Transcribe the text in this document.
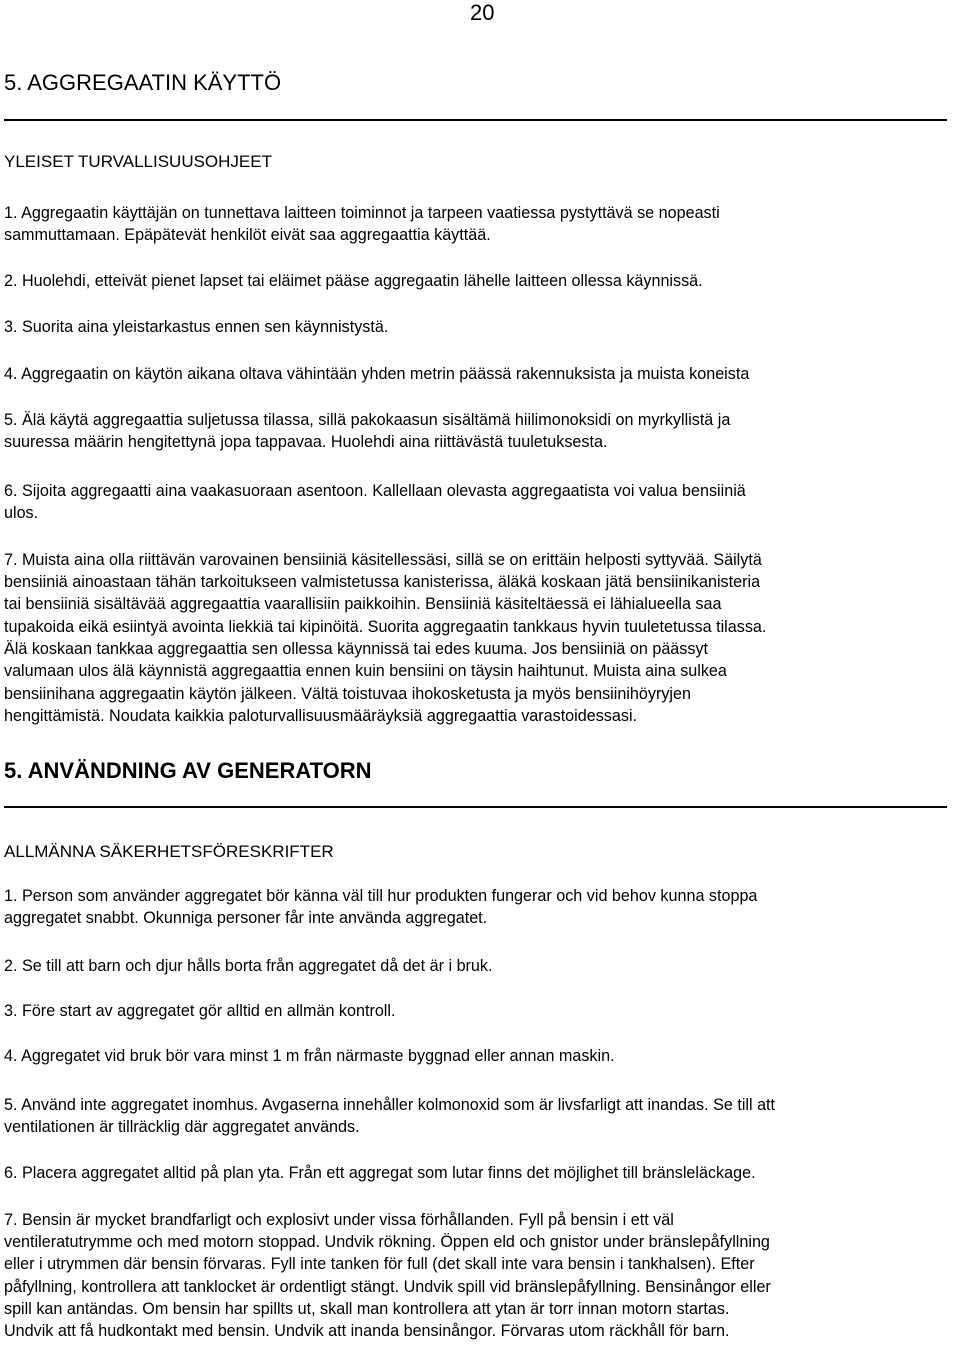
20
5. AGGREGAATIN KÄYTTÖ
YLEISET TURVALLISUUSOHJEET
1. Aggregaatin käyttäjän on tunnettava laitteen toiminnot ja tarpeen vaatiessa pystyttävä se nopeasti
sammuttamaan. Epäpätevät henkilöt eivät saa aggregaattia käyttää.
2. Huolehdi, etteivät pienet lapset tai eläimet pääse aggregaatin lähelle laitteen ollessa käynnissä.
3. Suorita aina yleistarkastus ennen sen käynnistystä.
4. Aggregaatin on käytön aikana oltava vähintään yhden metrin päässä rakennuksista ja muista koneista
5. Älä käytä aggregaattia suljetussa tilassa, sillä pakokaasun sisältämä hiilimonoksidi on myrkyllistä ja
suuressa määrin hengitettynä jopa tappavaa. Huolehdi aina riittävästä tuuletuksesta.
6. Sijoita aggregaatti aina vaakasuoraan asentoon. Kallellaan olevasta aggregaatista voi valua bensiiniä
ulos.
7. Muista aina olla riittävän varovainen bensiiniä käsitellessäsi, sillä se on erittäin helposti syttyvää. Säilytä
bensiiniä ainoastaan tähän tarkoitukseen valmistetussa kanisterissa, äläkä koskaan jätä bensiinikanisteria
tai bensiiniä sisältävää aggregaattia vaarallisiin paikkoihin. Bensiiniä käsiteltäessä ei lähialueella saa
tupakoida eikä esiintyä avointa liekkiä tai kipinöitä. Suorita aggregaatin tankkaus hyvin tuuletetussa tilassa.
Älä koskaan tankkaa aggregaattia sen ollessa käynnissä tai edes kuuma. Jos bensiiniä on päässyt
valumaan ulos älä käynnistä aggregaattia ennen kuin bensiini on täysin haihtunut. Muista aina sulkea
bensiinihana aggregaatin käytön jälkeen. Vältä toistuvaa ihokosketusta ja myös bensiinihöyryjen
hengittämistä. Noudata kaikkia paloturvallisuusmääräyksiä aggregaattia varastoidessasi.
5. ANVÄNDNING AV GENERATORN
ALLMÄNNA SÄKERHETSFÖRESKRIFTER
1. Person som använder aggregatet bör känna väl till hur produkten fungerar och vid behov kunna stoppa
aggregatet snabbt. Okunniga personer får inte använda aggregatet.
2. Se till att barn och djur hålls borta från aggregatet då det är i bruk.
3. Före start av aggregatet gör alltid en allmän kontroll.
4. Aggregatet vid bruk bör vara minst 1 m från närmaste byggnad eller annan maskin.
5. Använd inte aggregatet inomhus. Avgaserna innehåller kolmonoxid som är livsfarligt att inandas. Se till att
ventilationen är tillräcklig där aggregatet används.
6. Placera aggregatet alltid på plan yta. Från ett aggregat som lutar finns det möjlighet till bränsleläckage.
7. Bensin är mycket brandfarligt och explosivt under vissa förhållanden. Fyll på bensin i ett väl
ventileratutrymme och med motorn stoppad. Undvik rökning. Öppen eld och gnistor under bränslepåfyllning
eller i utrymmen där bensin förvaras. Fyll inte tanken för full (det skall inte vara bensin i tankhalsen). Efter
påfyllning, kontrollera att tanklocket är ordentligt stängt. Undvik spill vid bränslepåfyllning. Bensinångor eller
spill kan antändas. Om bensin har spillts ut, skall man kontrollera att ytan är torr innan motorn startas.
Undvik att få hudkontakt med bensin. Undvik att inanda bensinångor. Förvaras utom räckhåll för barn.
